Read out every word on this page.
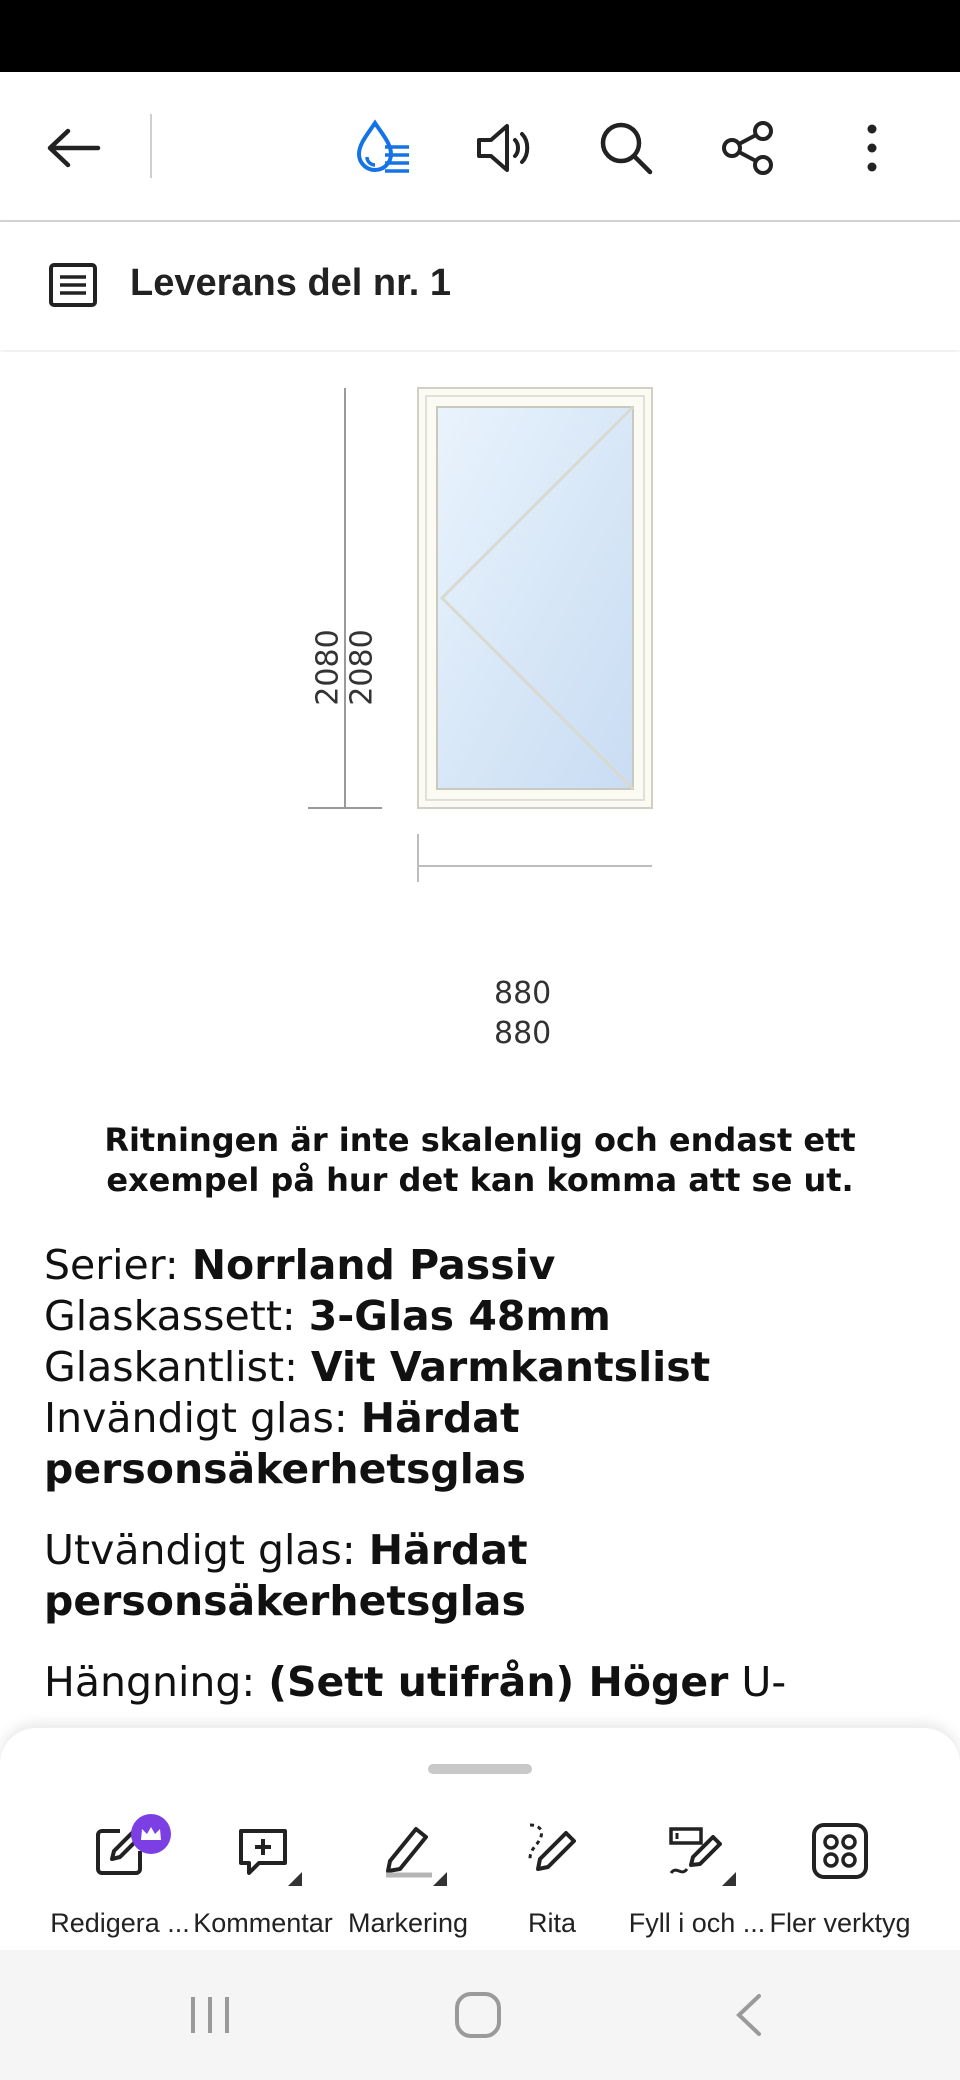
Leverans del nr. 1
2080 2080
880
880
Ritningen är inte skalenlig och endast ett
exempel på hur det kan komma att se ut.
Serier: Norrland Passiv
Glaskassett: 3-Glas 48mm
Glaskantlist: Vit Varmkantslist
Invändigt glas: Härdat
personsäkerhetsglas
Utvändigt glas: Härdat
personsäkerhetsglas
Hängning: (Sett utifrån) Höger U-
Redigera ... Kommentar Markering	Rita	Fyll i och ... Fler verktyg
